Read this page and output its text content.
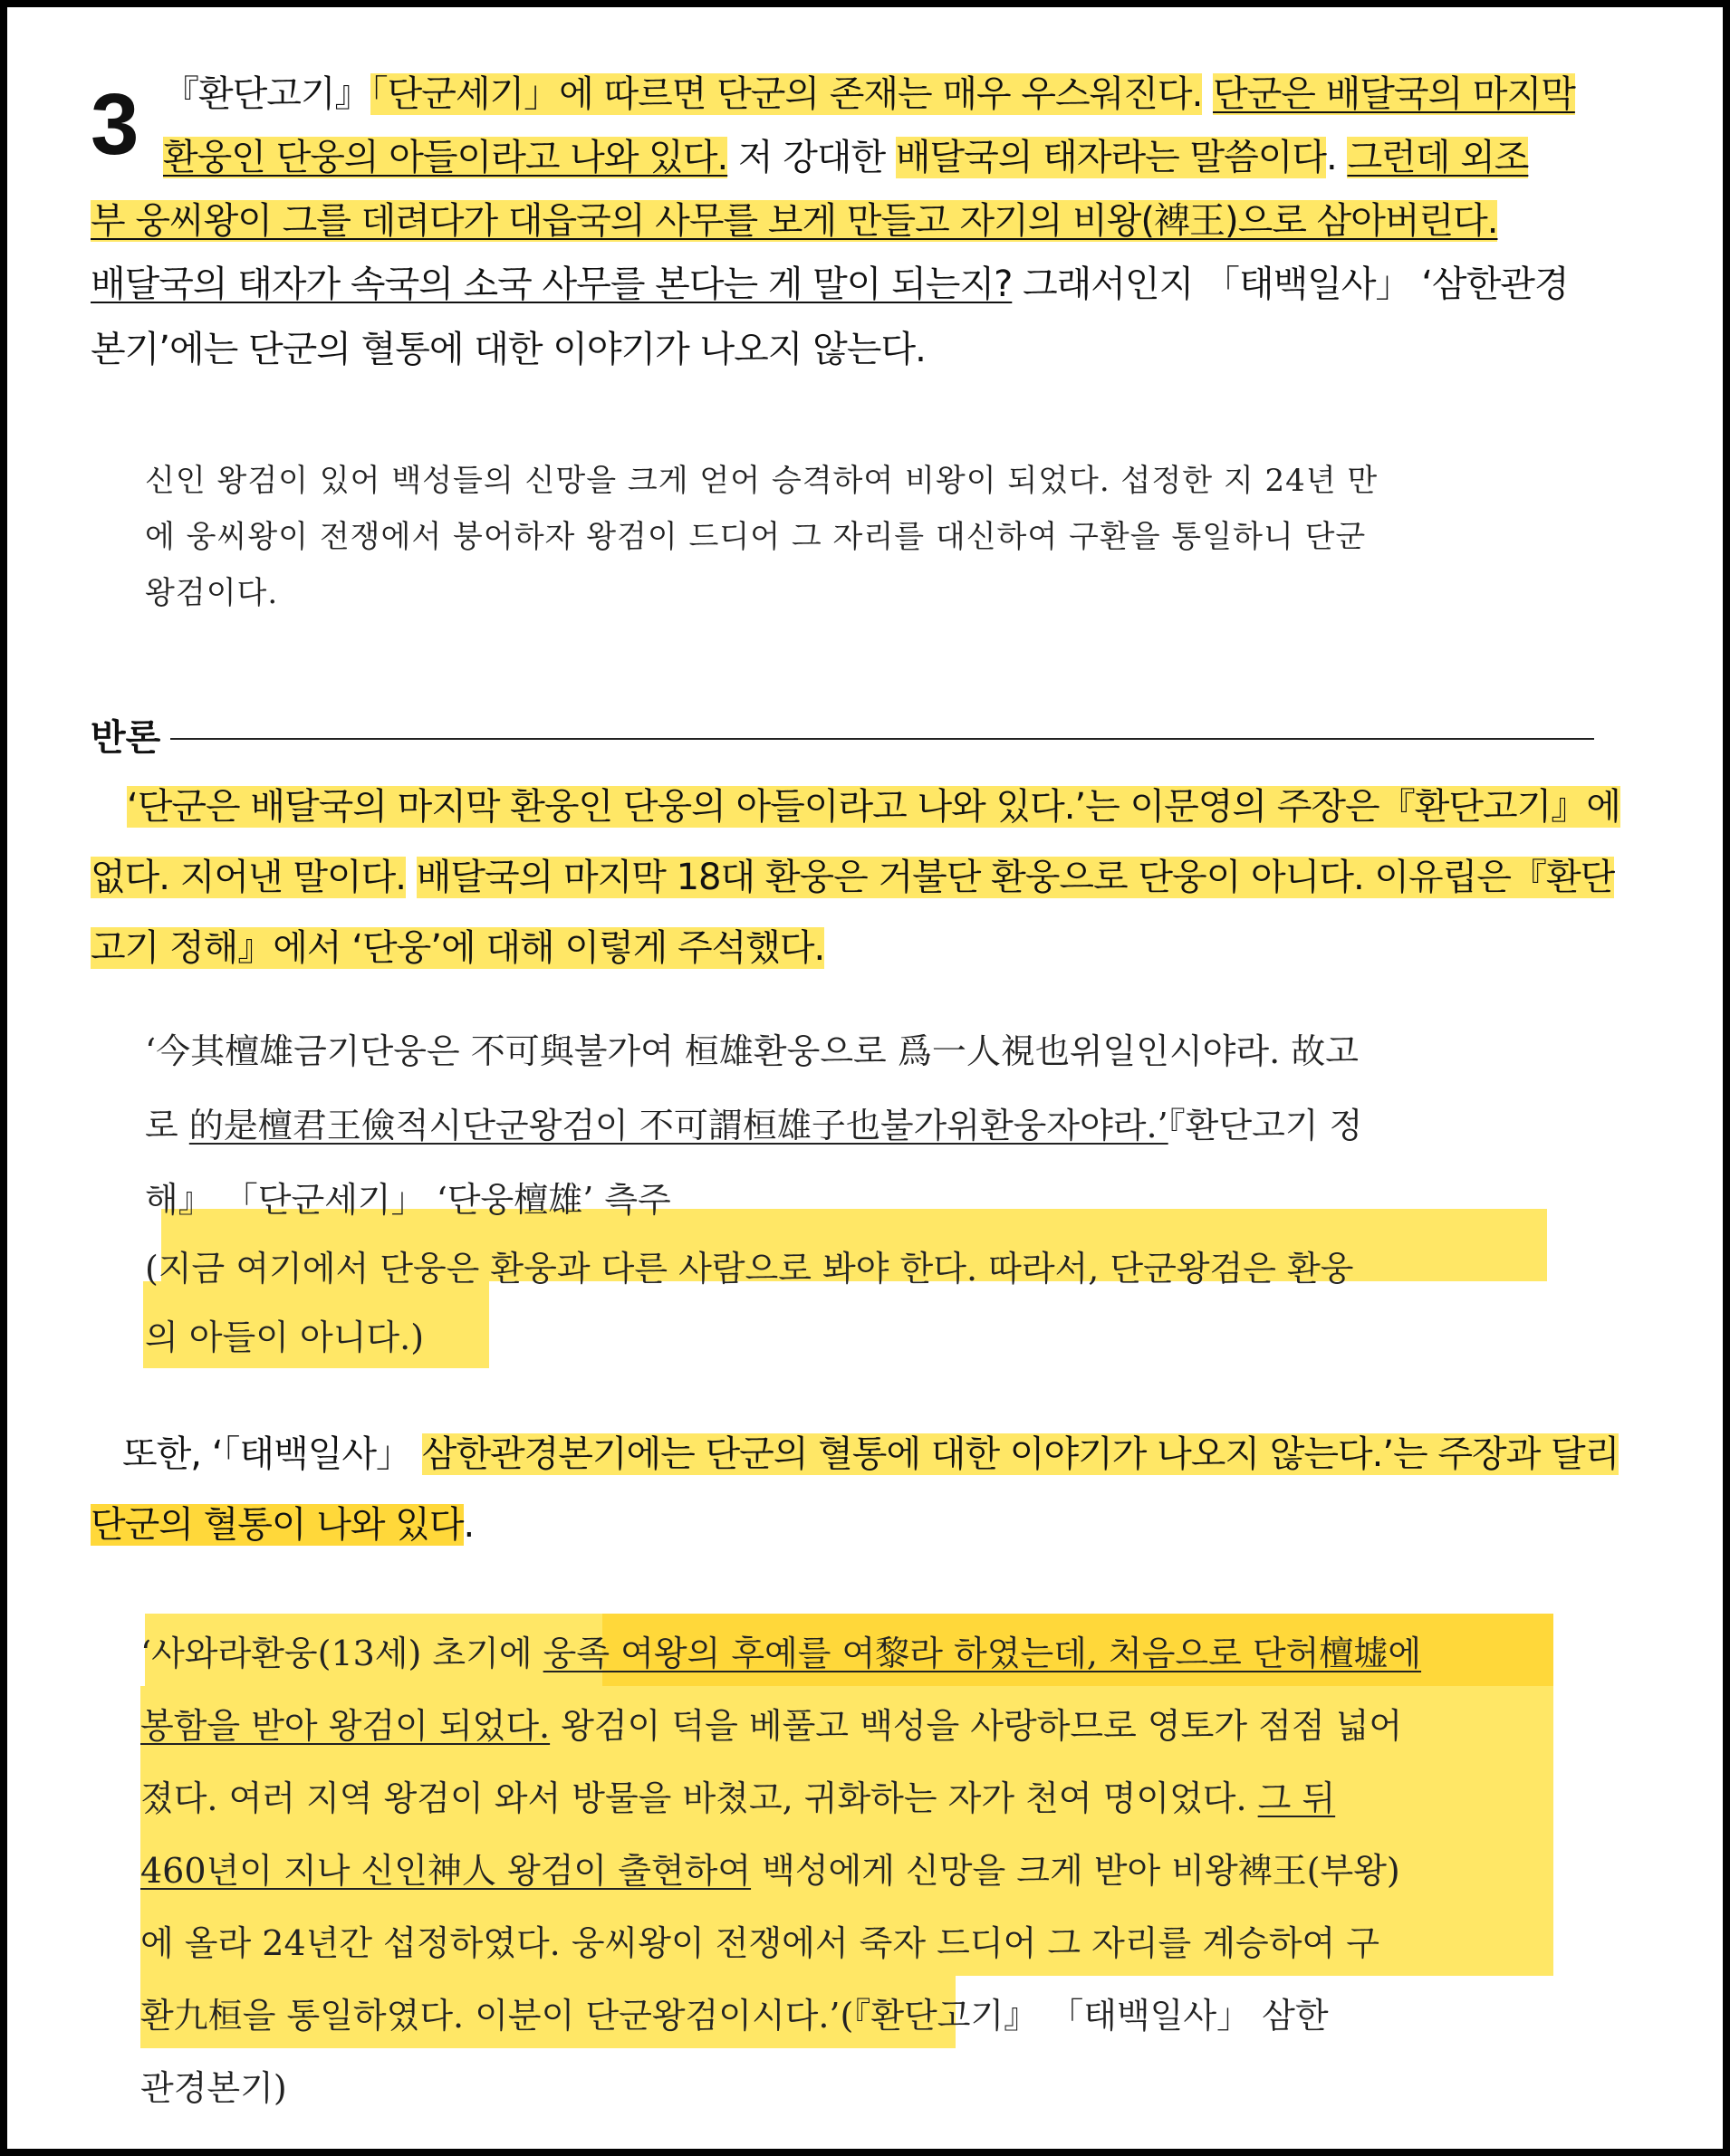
3 『환단고기』「단군세기」에 따르면 단군의 존재는 매우 우스워진다. 단군은 배달국의 마지막
환웅인 단웅의 아들이라고 나와 있다. 저 강대한 배달국의 태자라는 말씀이다. 그런데 외조
부 웅씨왕이 그를 데려다가 대읍국의 사무를 보게 만들고 자기의 비왕(裨王)으로 삼아버린다.
배달국의 태자가 속국의 소국 사무를 본다는 게 말이 되는지? 그래서인지 「태백일사」 ‘삼한관경
본기’에는 단군의 혈통에 대한 이야기가 나오지 않는다.
신인 왕검이 있어 백성들의 신망을 크게 얻어 승격하여 비왕이 되었다. 섭정한 지 24년 만
에 웅씨왕이 전쟁에서 붕어하자 왕검이 드디어 그 자리를 대신하여 구환을 통일하니 단군
왕검이다.
반론
‘단군은 배달국의 마지막 환웅인 단웅의 아들이라고 나와 있다.’는 이문영의 주장은『환단고기』에
없다. 지어낸 말이다. 배달국의 마지막 18대 환웅은 거불단 환웅으로 단웅이 아니다. 이유립은『환단
고기 정해』에서 ‘단웅’에 대해 이렇게 주석했다.
‘今其檀雄금기단웅은 不可與불가여 桓雄환웅으로 爲一人視也위일인시야라. 故고
로 的是檀君王儉적시단군왕검이 不可謂桓雄子也불가위환웅자야라.’『환단고기 정
해』 「단군세기」 ‘단웅檀雄’ 측주
(지금 여기에서 단웅은 환웅과 다른 사람으로 봐야 한다. 따라서, 단군왕검은 환웅
의 아들이 아니다.)
또한, ‘「태백일사」 삼한관경본기에는 단군의 혈통에 대한 이야기가 나오지 않는다.’는 주장과 달리
단군의 혈통이 나와 있다.
‘사와라환웅(13세) 초기에 웅족 여왕의 후예를 여黎라 하였는데, 처음으로 단허檀墟에
봉함을 받아 왕검이 되었다. 왕검이 덕을 베풀고 백성을 사랑하므로 영토가 점점 넓어
졌다. 여러 지역 왕검이 와서 방물을 바쳤고, 귀화하는 자가 천여 명이었다. 그 뒤
460년이 지나 신인神人 왕검이 출현하여 백성에게 신망을 크게 받아 비왕裨王(부왕)
에 올라 24년간 섭정하였다. 웅씨왕이 전쟁에서 죽자 드디어 그 자리를 계승하여 구
환九桓을 통일하였다. 이분이 단군왕검이시다.’(『환단고기』 「태백일사」 삼한
관경본기)
